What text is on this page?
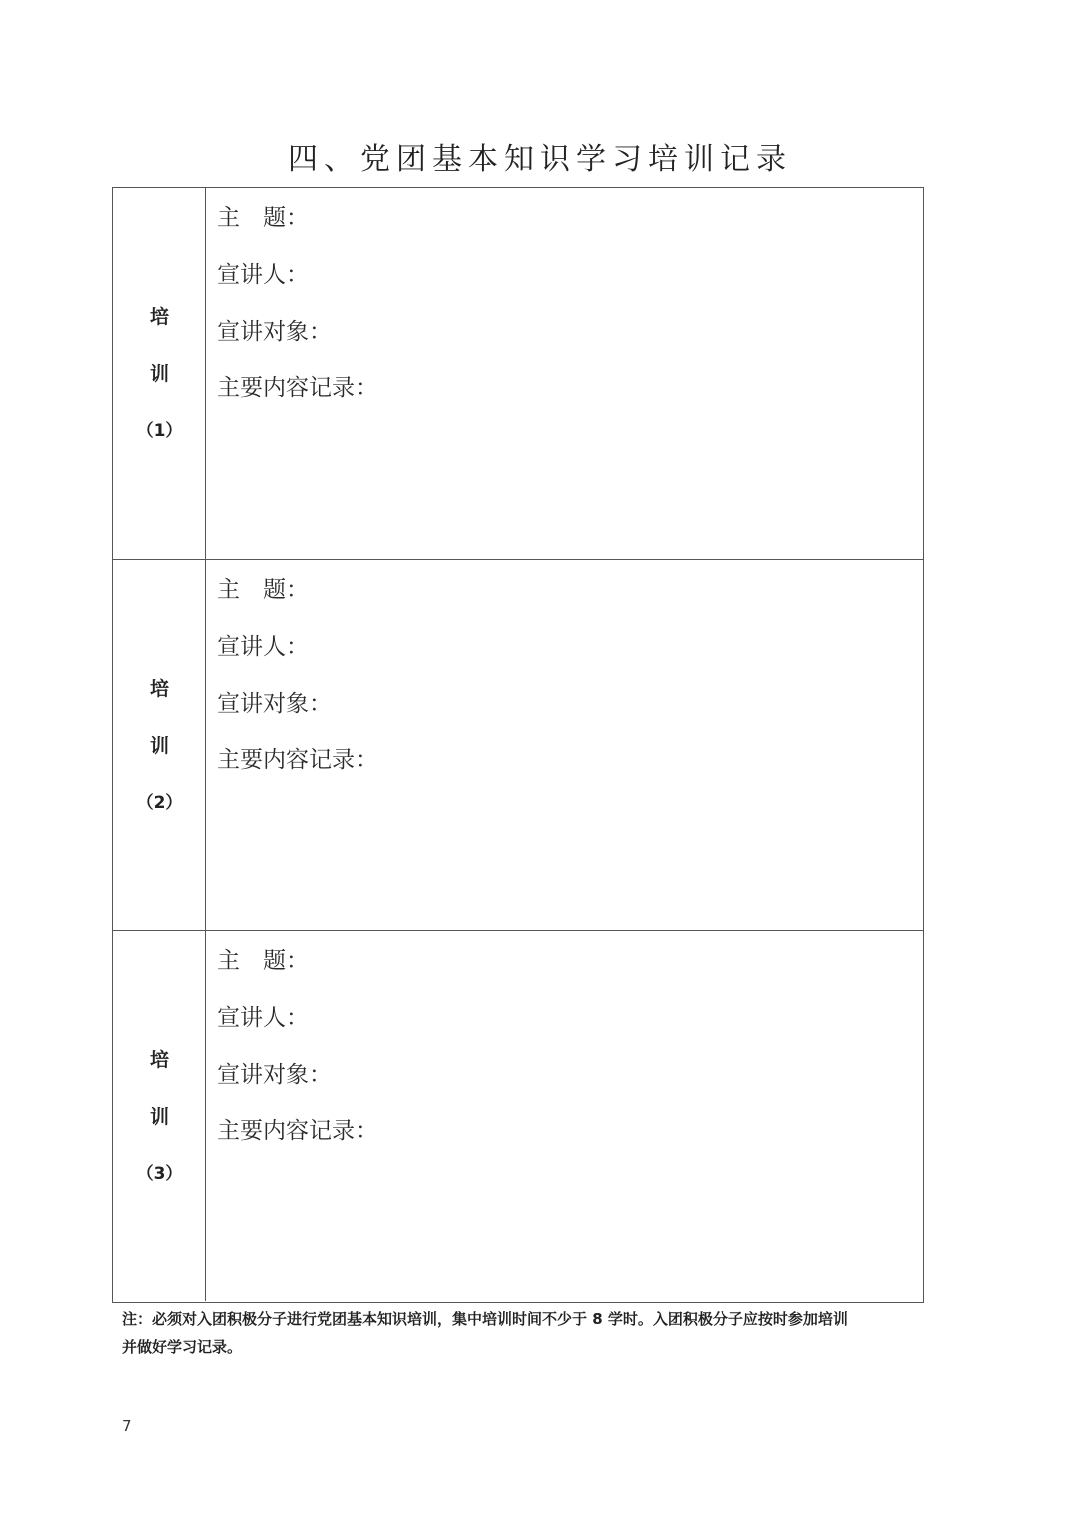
四、党团基本知识学习培训记录
培
训
（1）
主　题：
宣讲人：
宣讲对象：
主要内容记录：
培
训
（2）
主　题：
宣讲人：
宣讲对象：
主要内容记录：
培
训
（3）
主　题：
宣讲人：
宣讲对象：
主要内容记录：
注：必须对入团积极分子进行党团基本知识培训，集中培训时间不少于 8 学时。入团积极分子应按时参加培训
并做好学习记录。
7
